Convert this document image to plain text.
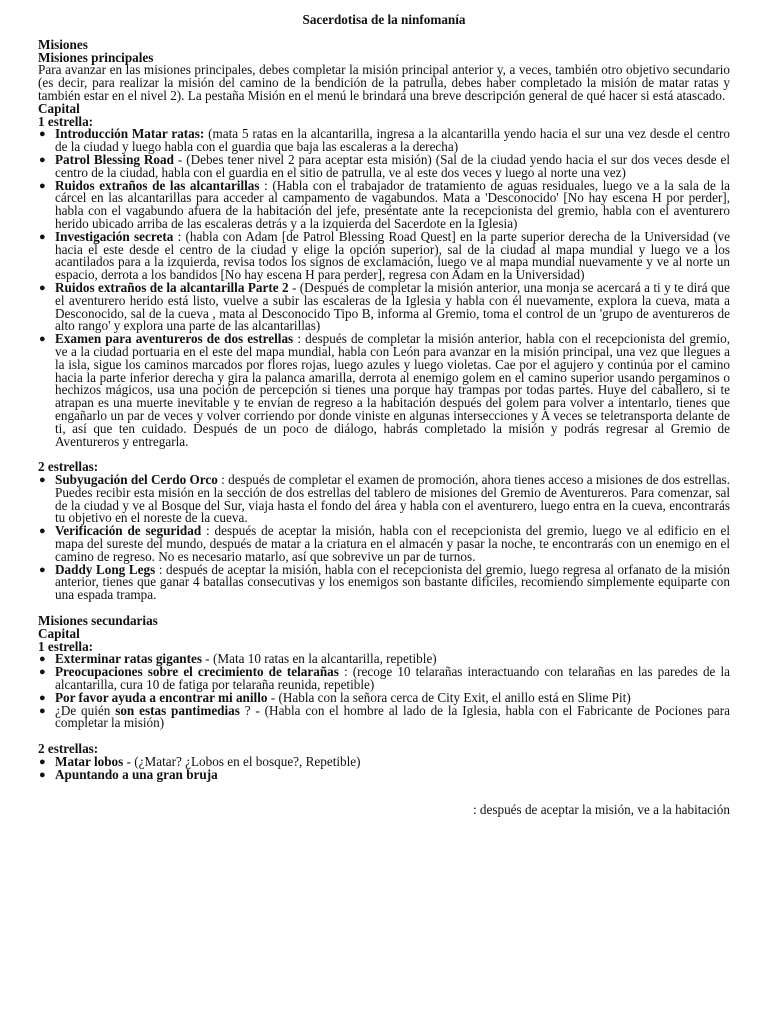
Sacerdotisa de la ninfomanía
Misiones
Misiones principales

Para avanzar en las misiones principales, debes completar la misión principal anterior y, a veces, también otro objetivo secundario (es decir, para realizar la misión del camino de la bendición de la patrulla, debes haber completado la misión de matar ratas y también estar en el nivel 2). La pestaña Misión en el menú le brindará una breve descripción general de qué hacer si está atascado.

Capital
1 estrella:
● Introducción Matar ratas: (mata 5 ratas en la alcantarilla, ingresa a la alcantarilla yendo hacia el sur una vez desde el centro de la ciudad y luego habla con el guardia que baja las escaleras a la derecha)
● Patrol Blessing Road - (Debes tener nivel 2 para aceptar esta misión) (Sal de la ciudad yendo hacia el sur dos veces desde el centro de la ciudad, habla con el guardia en el sitio de patrulla, ve al este dos veces y luego al norte una vez)
● Ruidos extraños de las alcantarillas : (Habla con el trabajador de tratamiento de aguas residuales, luego ve a la sala de la cárcel en las alcantarillas para acceder al campamento de vagabundos. Mata a 'Desconocido' [No hay escena H por perder], habla con el vagabundo afuera de la habitación del jefe, preséntate ante la recepcionista del gremio, habla con el aventurero herido ubicado arriba de las escaleras detrás y a la izquierda del Sacerdote en la Iglesia)
● Investigación secreta : (habla con Adam [de Patrol Blessing Road Quest] en la parte superior derecha de la Universidad (ve hacia el este desde el centro de la ciudad y elige la opción superior), sal de la ciudad al mapa mundial y luego ve a los acantilados para a la izquierda, revisa todos los signos de exclamación, luego ve al mapa mundial nuevamente y ve al norte un espacio, derrota a los bandidos [No hay escena H para perder], regresa con Adam en la Universidad)
● Ruidos extraños de la alcantarilla Parte 2 - (Después de completar la misión anterior, una monja se acercará a ti y te dirá que el aventurero herido está listo, vuelve a subir las escaleras de la Iglesia y habla con él nuevamente, explora la cueva, mata a Desconocido, sal de la cueva , mata al Desconocido Tipo B, informa al Gremio, toma el control de un 'grupo de aventureros de alto rango' y explora una parte de las alcantarillas)
● Examen para aventureros de dos estrellas : después de completar la misión anterior, habla con el recepcionista del gremio, ve a la ciudad portuaria en el este del mapa mundial, habla con León para avanzar en la misión principal, una vez que llegues a la isla, sigue los caminos marcados por flores rojas, luego azules y luego violetas. Cae por el agujero y continúa por el camino hacia la parte inferior derecha y gira la palanca amarilla, derrota al enemigo golem en el camino superior usando pergaminos o hechizos mágicos, usa una poción de percepción si tienes una porque hay trampas por todas partes. Huye del caballero, si te atrapan es una muerte inevitable y te envían de regreso a la habitación después del golem para volver a intentarlo, tienes que engañarlo un par de veces y volver corriendo por donde viniste en algunas intersecciones y A veces se teletransporta delante de ti, así que ten cuidado. Después de un poco de diálogo, habrás completado la misión y podrás regresar al Gremio de Aventureros y entregarla.
2 estrellas:
● Subyugación del Cerdo Orco : después de completar el examen de promoción, ahora tienes acceso a misiones de dos estrellas. Puedes recibir esta misión en la sección de dos estrellas del tablero de misiones del Gremio de Aventureros. Para comenzar, sal de la ciudad y ve al Bosque del Sur, viaja hasta el fondo del área y habla con el aventurero, luego entra en la cueva, encontrarás tu objetivo en el noreste de la cueva.
● Verificación de seguridad : después de aceptar la misión, habla con el recepcionista del gremio, luego ve al edificio en el mapa del sureste del mundo, después de matar a la criatura en el almacén y pasar la noche, te encontrarás con un enemigo en el camino de regreso. No es necesario matarlo, así que sobrevive un par de turnos.
● Daddy Long Legs : después de aceptar la misión, habla con el recepcionista del gremio, luego regresa al orfanato de la misión anterior, tienes que ganar 4 batallas consecutivas y los enemigos son bastante difíciles, recomiendo simplemente equiparte con una espada trampa.
Misiones secundarias
Capital
1 estrella:
● Exterminar ratas gigantes - (Mata 10 ratas en la alcantarilla, repetible)
● Preocupaciones sobre el crecimiento de telarañas : (recoge 10 telarañas interactuando con telarañas en las paredes de la alcantarilla, cura 10 de fatiga por telaraña reunida, repetible)
● Por favor ayuda a encontrar mi anillo - (Habla con la señora cerca de City Exit, el anillo está en Slime Pit)
● ¿De quién son estas pantimedias ? - (Habla con el hombre al lado de la Iglesia, habla con el Fabricante de Pociones para completar la misión)
2 estrellas:
● Matar lobos - (¿Matar? ¿Lobos en el bosque?, Repetible)
● Apuntando a una gran bruja
: después de aceptar la misión, ve a la habitación
